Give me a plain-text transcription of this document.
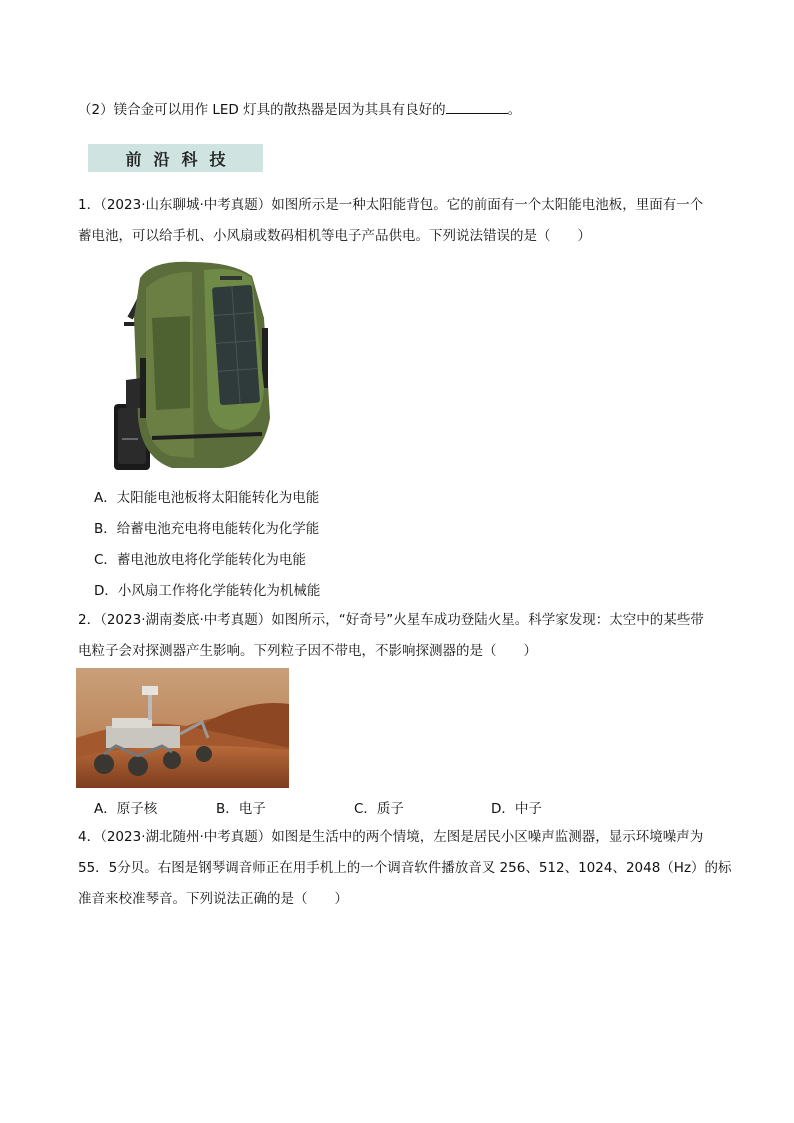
（2）镁合金可以用作 LED 灯具的散热器是因为其具有良好的	。
前沿科技
1．（2023·山东聊城·中考真题）如图所示是一种太阳能背包。它的前面有一个太阳能电池板，里面有一个
蓄电池，可以给手机、小风扇或数码相机等电子产品供电。下列说法错误的是（　　）
A．太阳能电池板将太阳能转化为电能
B．给蓄电池充电将电能转化为化学能
C．蓄电池放电将化学能转化为电能
D．小风扇工作将化学能转化为机械能
2．（2023·湖南娄底·中考真题）如图所示，“好奇号”火星车成功登陆火星。科学家发现：太空中的某些带
电粒子会对探测器产生影响。下列粒子因不带电，不影响探测器的是（　　）
A．原子核	B．电子	C．质子	D．中子
4．（2023·湖北随州·中考真题）如图是生活中的两个情境，左图是居民小区噪声监测器，显示环境噪声为
55．5分贝。右图是钢琴调音师正在用手机上的一个调音软件播放音叉 256、512、1024、2048（Hz）的标
准音来校准琴音。下列说法正确的是（　　）
